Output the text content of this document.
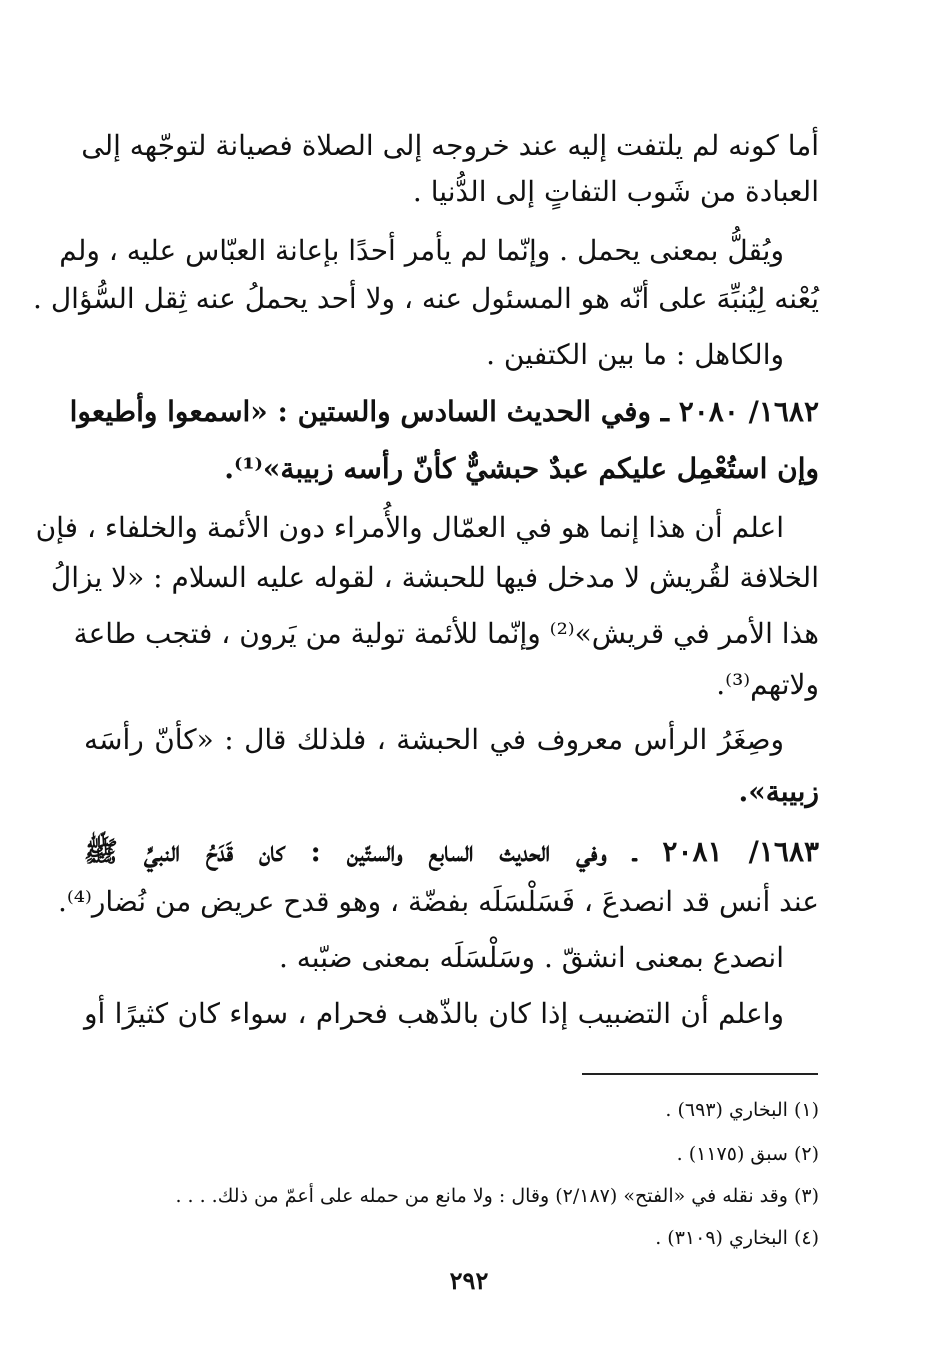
أما كونه لم يلتفت إليه عند خروجه إلى الصلاة فصيانة لتوجّهه إلى
العبادة من شَوب التفاتٍ إلى الدُّنيا .
ويُقلُّ بمعنى يحمل . وإنّما لم يأمر أحدًا بإعانة العبّاس عليه ، ولم
يُعْنه لِيُنبِّهَ على أنّه هو المسئول عنه ، ولا أحد يحملُ عنه ثِقل السُّؤال .
والكاهل : ما بين الكتفين .
١٦٨٢/ ٢٠٨٠ ـ وفي الحديث السادس والستين : «اسمعوا وأطيعوا
وإن استُعْمِل عليكم عبدٌ حبشيٌّ كأنّ رأسه زبيبة»⁽¹⁾.
اعلم أن هذا إنما هو في العمّال والأُمراء دون الأئمة والخلفاء ، فإن
الخلافة لقُريش لا مدخل فيها للحبشة ، لقوله عليه السلام : «لا يزالُ
هذا الأمر في قريش»⁽²⁾ وإنّما للأئمة تولية من يَرون ، فتجب طاعة
ولاتهم⁽³⁾.
وصِغَرُ الرأس معروف في الحبشة ، فلذلك قال : «كأنّ رأسَه
زبيبة».
١٦٨٣/ ٢٠٨١ ـ وفي الحديث السابع والستّين : كان قَدَحُ النبيِّ ﷺ
عند أنس قد انصدعَ ، فَسَلْسَلَه بفضّة ، وهو قدح عريض من نُضار⁽⁴⁾.
انصدع بمعنى انشقّ . وسَلْسَلَه بمعنى ضبّبه .
واعلم أن التضبيب إذا كان بالذّهب فحرام ، سواء كان كثيرًا أو
(١) البخاري (٦٩٣) .
(٢) سبق (١١٧٥) .
(٣) وقد نقله في «الفتح» (٢/١٨٧) وقال : ولا مانع من حمله على أعمّ من ذلك. . . .
(٤) البخاري (٣١٠٩) .
٢٩٢
